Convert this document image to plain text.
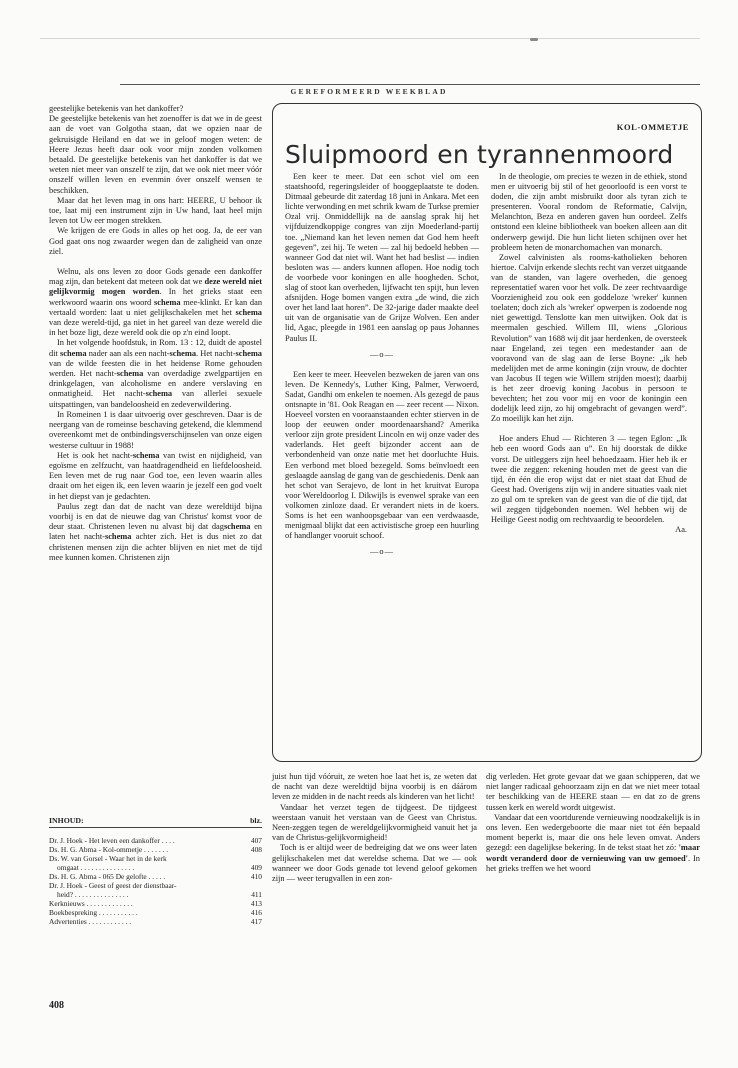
GEREFORMEERD WEEKBLAD

geestelijke betekenis van het dankoffer?

De geestelijke betekenis van het zoenoffer is dat we in de geest aan de voet van Golgotha staan, dat we opzien naar de gekruisigde Heiland en dat we in geloof mogen weten: de Heere Jezus heeft daar ook voor mijn zonden volkomen betaald. De geestelijke betekenis van het dankoffer is dat we weten niet meer van onszelf te zijn, dat we ook niet meer vóór onszelf willen leven en evenmin óver onszelf wensen te beschikken.

Maar dat het leven mag in ons hart: HEERE, U behoor ik toe, laat mij een instrument zijn in Uw hand, laat heel mijn leven tot Uw eer mogen strekken.

We krijgen de ere Gods in alles op het oog. Ja, de eer van God gaat ons nog zwaarder wegen dan de zaligheid van onze ziel.

Welnu, als ons leven zo door Gods genade een dankoffer mag zijn, dan betekent dat meteen ook dat we deze wereld niet gelijkvormig mogen worden. In het grieks staat een werkwoord waarin ons woord schema mee-klinkt. Er kan dan vertaald worden: laat u niet gelijkschakelen met het schema van deze wereld-tijd, ga niet in het gareel van deze wereld die in het boze ligt, deze wereld ook die op z'n eind loopt.

In het volgende hoofdstuk, in Rom. 13 : 12, duidt de apostel dit schema nader aan als een nacht-schema. Het nacht-schema van de wilde feesten die in het heidense Rome gehouden werden. Het nacht-schema van overdadige zwelgpartijen en drinkgelagen, van alcoholisme en andere verslaving en onmatigheid. Het nacht-schema van allerlei sexuele uitspattingen, van bandeloosheid en zedeverwildering.

In Romeinen 1 is daar uitvoerig over geschreven. Daar is de neergang van de romeinse beschaving getekend, die klemmend overeenkomt met de ontbindingsverschijnselen van onze eigen westerse cultuur in 1988!

Het is ook het nacht-schema van twist en nijdigheid, van egoïsme en zelfzucht, van haatdragendheid en liefdeloosheid. Een leven met de rug naar God toe, een leven waarin alles draait om het eigen ik, een leven waarin je jezelf een god voelt in het diepst van je gedachten.

Paulus zegt dan dat de nacht van deze wereldtijd bijna voorbij is en dat de nieuwe dag van Christus' komst voor de deur staat. Christenen leven nu alvast bij dat dagschema en laten het nacht-schema achter zich. Het is dus niet zo dat christenen mensen zijn die achter blijven en niet met de tijd mee kunnen komen. Christenen zijn

KOL-OMMETJE
Sluipmoord en tyrannenmoord

Een keer te meer. Dat een schot viel om een staatshoofd, regeringsleider of hooggeplaatste te doden. Ditmaal gebeurde dit zaterdag 18 juni in Ankara. Met een lichte verwonding en met schrik kwam de Turkse premier Ozal vrij. Onmiddellijk na de aanslag sprak hij het vijfduizendkoppige congres van zijn Moederland-partij toe. „Niemand kan het leven nemen dat God hem heeft gegeven”, zei hij. Te weten — zal hij bedoeld hebben — wanneer God dat niet wil. Want het had beslist — indien besloten was — anders kunnen aflopen. Hoe nodig toch de voorbede voor koningen en alle hoogheden. Schot, slag of stoot kan overheden, lijfwacht ten spijt, hun leven afsnijden. Hoge bomen vangen extra „de wind, die zich over het land laat horen”. De 32-jarige dader maakte deel uit van de organisatie van de Grijze Wolven. Een ander lid, Agac, pleegde in 1981 een aanslag op paus Johannes Paulus II.

—o—

Een keer te meer. Heevelen bezweken de jaren van ons leven. De Kennedy's, Luther King, Palmer, Verwoerd, Sadat, Gandhi om enkelen te noemen. Als gezegd de paus ontsnapte in '81. Ook Reagan en — zeer recent — Nixon. Hoeveel vorsten en vooraanstaanden echter stierven in de loop der eeuwen onder moordenaarshand? Amerika verloor zijn grote president Lincoln en wij onze vader des vaderlands. Het geeft bijzonder accent aan de verbondenheid van onze natie met het doorluchte Huis. Een verbond met bloed bezegeld. Soms beïnvloedt een geslaagde aanslag de gang van de geschiedenis. Denk aan het schot van Serajevo, de lont in het kruitvat Europa voor Wereldoorlog I. Dikwijls is evenwel sprake van een volkomen zinloze daad. Er verandert niets in de koers. Soms is het een wanhoopsgebaar van een verdwaasde, menigmaal blijkt dat een activistische groep een huurling of handlanger vooruit schoof.

—o—

In de theologie, om precies te wezen in de ethiek, stond men er uitvoerig bij stil of het geoorloofd is een vorst te doden, die zijn ambt misbruikt door als tyran zich te presenteren. Vooral rondom de Reformatie, Calvijn, Melanchton, Beza en anderen gaven hun oordeel. Zelfs ontstond een kleine bibliotheek van boeken alleen aan dit onderwerp gewijd. Die hun licht lieten schijnen over het probleem heten de monarchomachen van monarch.

Zowel calvinisten als rooms-katholieken behoren hiertoe. Calvijn erkende slechts recht van verzet uitgaande van de standen, van lagere overheden, die genoeg representatief waren voor het volk. De zeer rechtvaardige Voorzienigheid zou ook een goddeloze 'wreker' kunnen toelaten; doch zich als 'wreker' opwerpen is zodoende nog niet gewettigd. Tenslotte kan men uitwijken. Ook dat is meermalen geschied. Willem III, wiens „Glorious Revolution” van 1688 wij dit jaar herdenken, de oversteek naar Engeland, zei tegen een medestander aan de vooravond van de slag aan de Ierse Boyne: „ik heb medelijden met de arme koningin (zijn vrouw, de dochter van Jacobus II tegen wie Willem strijden moest); daarbij is het zeer droevig koning Jacobus in persoon te bevechten; het zou voor mij en voor de koningin een dodelijk leed zijn, zo hij omgebracht of gevangen werd”. Zo moeilijk kan het zijn.

Hoe anders Ehud — Richteren 3 — tegen Eglon: „Ik heb een woord Gods aan u”. En hij doorstak de dikke vorst. De uitleggers zijn heel behoedzaam. Hier heb ik er twee die zeggen: rekening houden met de geest van die tijd, én één die erop wijst dat er niet staat dat Ehud de Geest had. Overigens zijn wij in andere situaties vaak niet zo gul om te spreken van de geest van die of die tijd, dat wil zeggen tijdgebonden noemen. Wel hebben wij de Heilige Geest nodig om rechtvaardig te beoordelen.

Aa.

juist hun tijd vóóruit, ze weten hoe laat het is, ze weten dat de nacht van deze wereldtijd bijna voorbij is en dáárom leven ze midden in de nacht reeds als kinderen van het licht!

Vandaar het verzet tegen de tijdgeest. De tijdgeest weerstaan vanuit het verstaan van de Geest van Christus. Neen-zeggen tegen de wereldgelijkvormigheid vanuit het ja van de Christus-gelijkvormigheid!

Toch is er altijd weer de bedreiging dat we ons weer laten gelijkschakelen met dat wereldse schema. Dat we — ook wanneer we door Gods genade tot levend geloof gekomen zijn — weer terugvallen in een zon-

dig verleden. Het grote gevaar dat we gaan schipperen, dat we niet langer radicaal gehoorzaam zijn en dat we niet meer totaal ter beschikking van de HEERE staan — en dat zo de grens tussen kerk en wereld wordt uitgewist.

Vandaar dat een voortdurende vernieuwing noodzakelijk is in ons leven. Een wedergeboorte die maar niet tot één bepaald moment beperkt is, maar die ons hele leven omvat. Anders gezegd: een dagelijkse bekering. In de tekst staat het zó: 'maar wordt veranderd door de vernieuwing van uw gemoed'. In het grieks treffen we het woord

INHOUD:	blz.
Dr. J. Hoek - Het leven een dankoffer . . . .	407
Ds. H. G. Abma - Kol-ommetje . . . . . . .	408
Ds. W. van Gorsel - Waar het in de kerk
omgaat . . . . . . . . . . . . . . .	409
Ds. H. G. Abma - 065 De gelofte . . . . .	410
Dr. J. Hoek - Geest of geest der dienstbaar-
heid? . . . . . . . . . . . . . . .	411
Kerknieuws . . . . . . . . . . . . .	413
Boekbespreking . . . . . . . . . . .	416
Advertenties . . . . . . . . . . . .	417
408
